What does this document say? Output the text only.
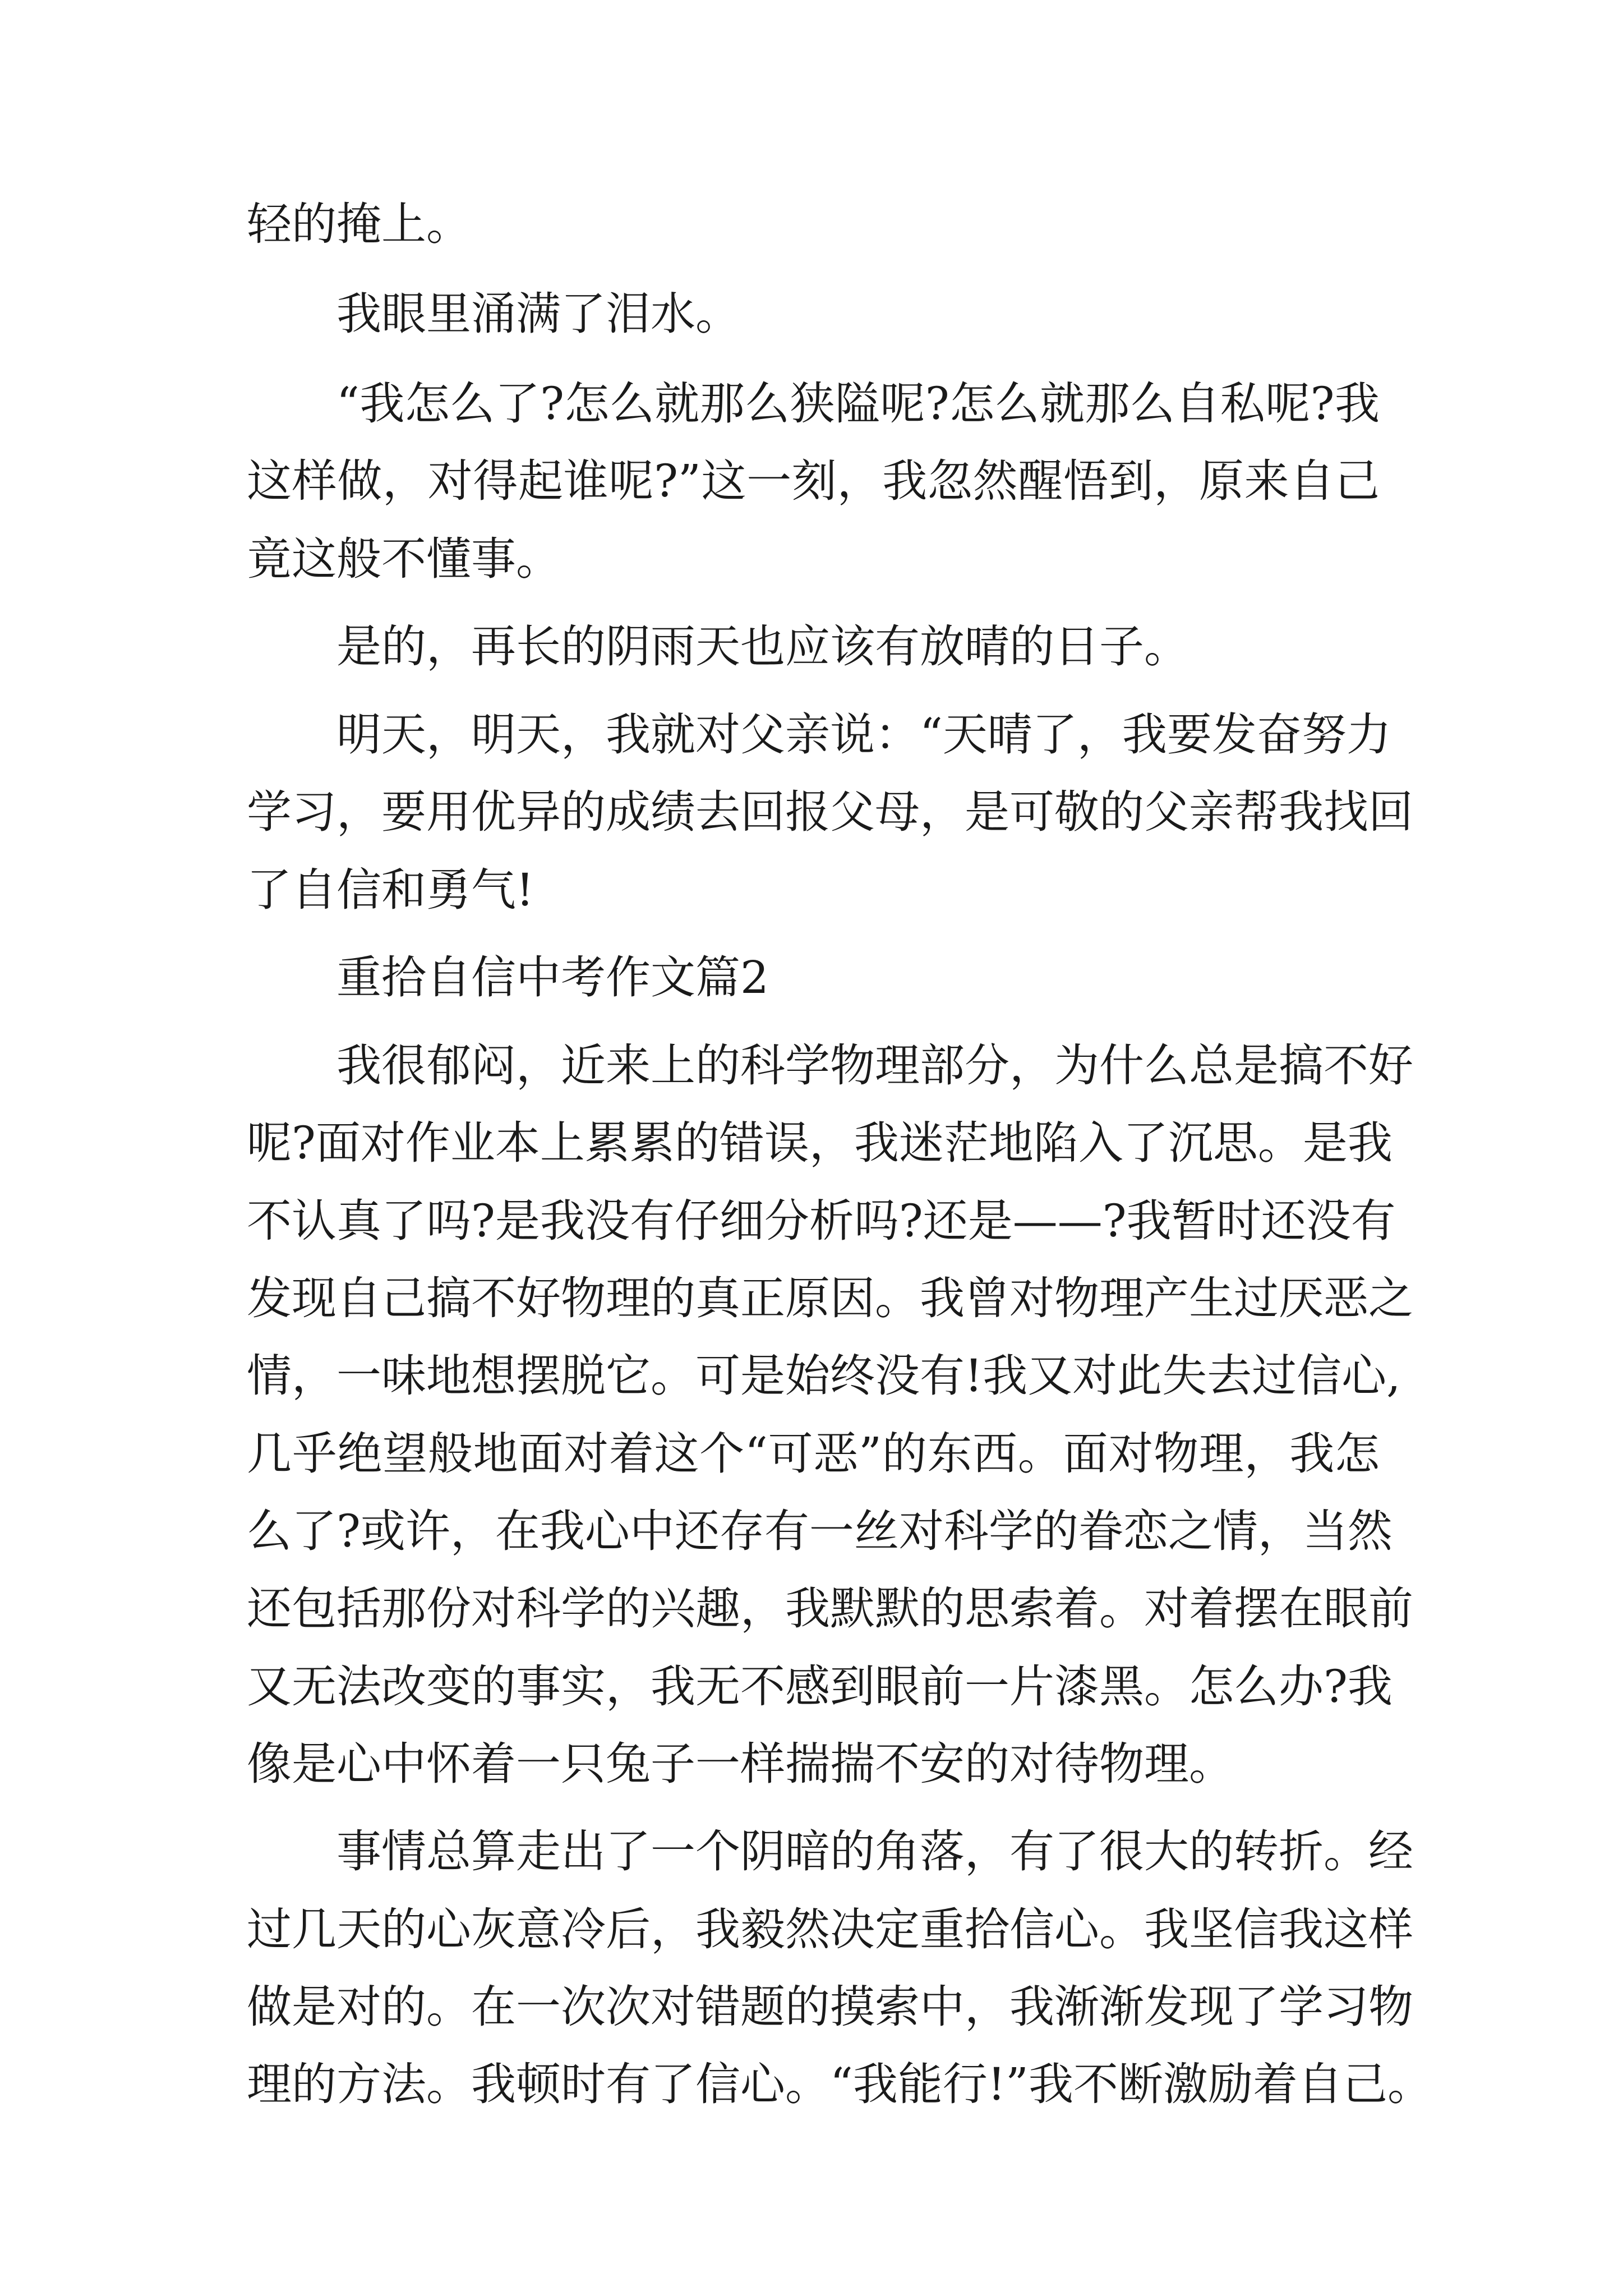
轻的掩上。
我眼里涌满了泪水。
“我怎么了?怎么就那么狭隘呢?怎么就那么自私呢?我
这样做，对得起谁呢?”这一刻，我忽然醒悟到，原来自己
竟这般不懂事。
是的，再长的阴雨天也应该有放晴的日子。
明天，明天，我就对父亲说：“天晴了，我要发奋努力
学习，要用优异的成绩去回报父母，是可敬的父亲帮我找回
了自信和勇气!
重拾自信中考作文篇2
我很郁闷，近来上的科学物理部分，为什么总是搞不好
呢?面对作业本上累累的错误，我迷茫地陷入了沉思。是我
不认真了吗?是我没有仔细分析吗?还是——?我暂时还没有
发现自己搞不好物理的真正原因。我曾对物理产生过厌恶之
情，一味地想摆脱它。可是始终没有!我又对此失去过信心,
几乎绝望般地面对着这个“可恶”的东西。面对物理，我怎
么了?或许，在我心中还存有一丝对科学的眷恋之情，当然
还包括那份对科学的兴趣，我默默的思索着。对着摆在眼前
又无法改变的事实，我无不感到眼前一片漆黑。怎么办?我
像是心中怀着一只兔子一样揣揣不安的对待物理。
事情总算走出了一个阴暗的角落，有了很大的转折。经
过几天的心灰意冷后，我毅然决定重拾信心。我坚信我这样
做是对的。在一次次对错题的摸索中，我渐渐发现了学习物
理的方法。我顿时有了信心。“我能行!”我不断激励着自己。
